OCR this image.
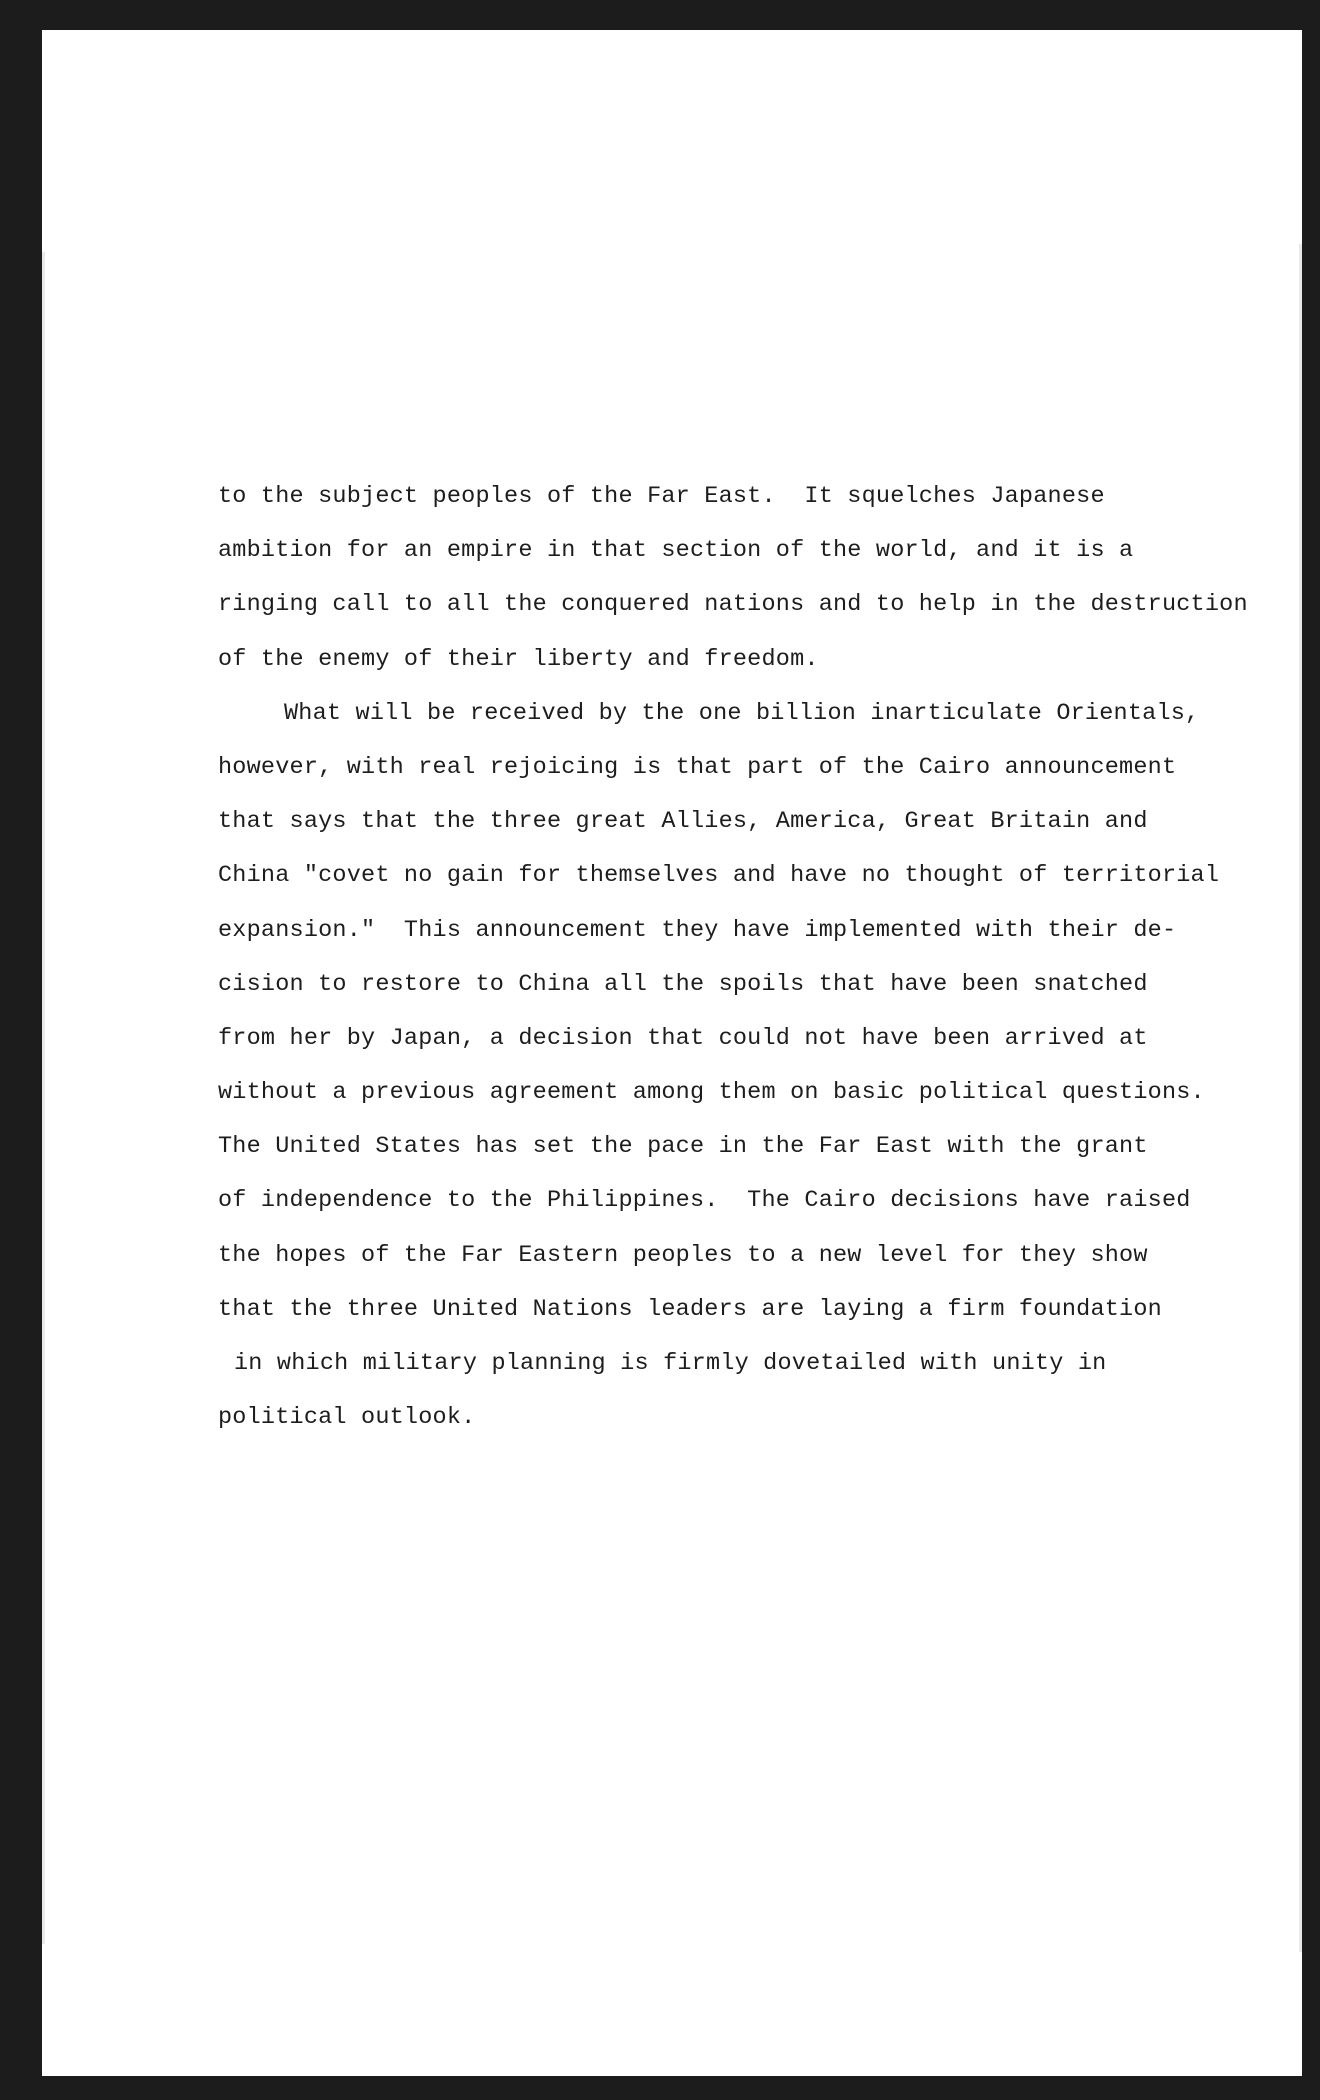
to the subject peoples of the Far East.  It squelches Japanese
ambition for an empire in that section of the world, and it is a
ringing call to all the conquered nations and to help in the destruction
of the enemy of their liberty and freedom.
What will be received by the one billion inarticulate Orientals,
however, with real rejoicing is that part of the Cairo announcement
that says that the three great Allies, America, Great Britain and
China "covet no gain for themselves and have no thought of territorial
expansion."  This announcement they have implemented with their de-
cision to restore to China all the spoils that have been snatched
from her by Japan, a decision that could not have been arrived at
without a previous agreement among them on basic political questions.
The United States has set the pace in the Far East with the grant
of independence to the Philippines.  The Cairo decisions have raised
the hopes of the Far Eastern peoples to a new level for they show
that the three United Nations leaders are laying a firm foundation
in which military planning is firmly dovetailed with unity in
political outlook.
